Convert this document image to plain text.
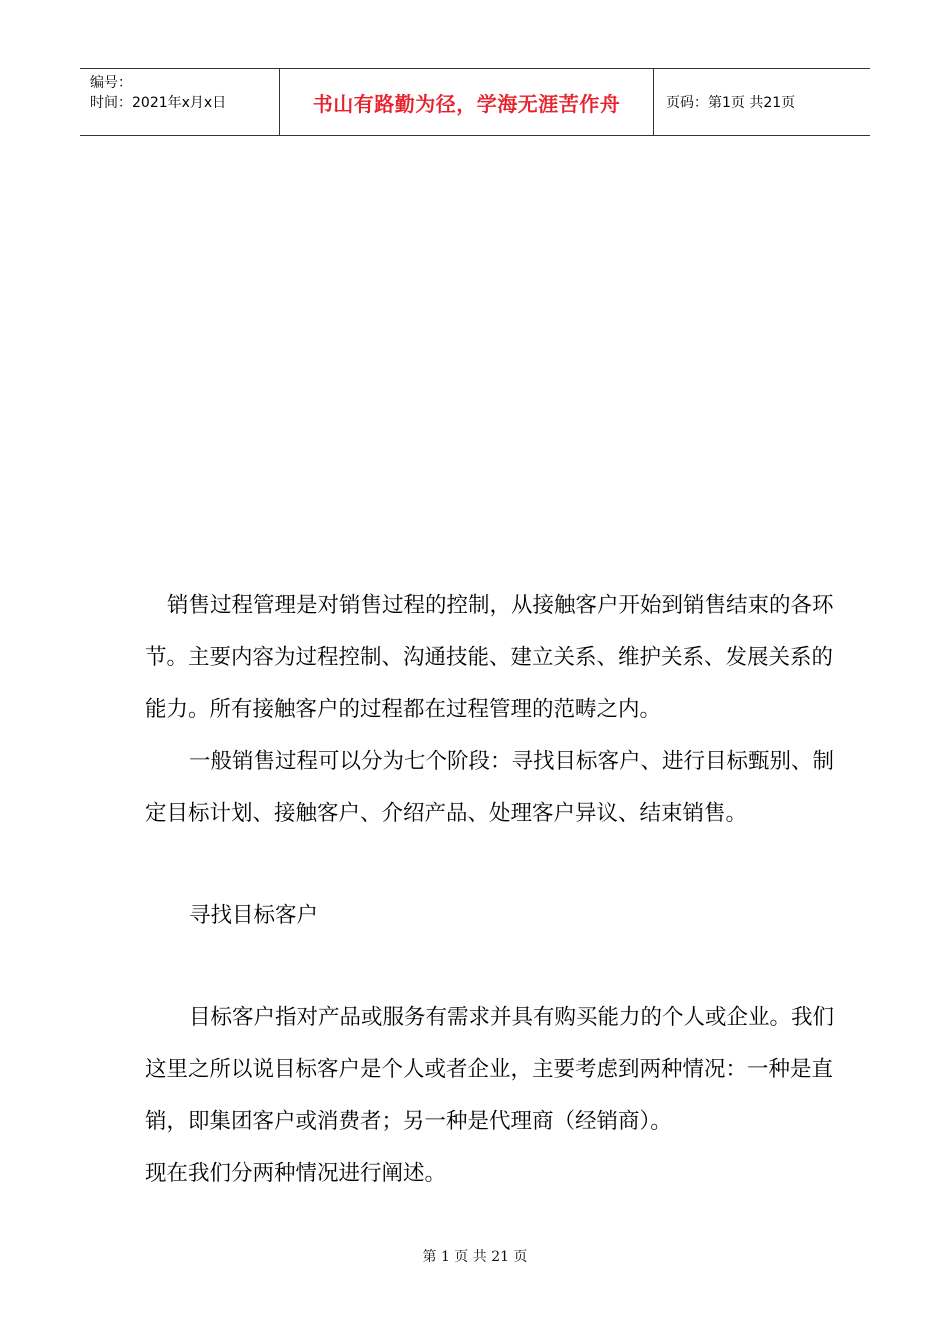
编号：
时间：2021年x月x日	书山有路勤为径，学海无涯苦作舟	页码：第1页 共21页

销售过程管理是对销售过程的控制，从接触客户开始到销售结束的各环节。主要内容为过程控制、沟通技能、建立关系、维护关系、发展关系的能力。所有接触客户的过程都在过程管理的范畴之内。

一般销售过程可以分为七个阶段：寻找目标客户、进行目标甄别、制定目标计划、接触客户、介绍产品、处理客户异议、结束销售。

寻找目标客户

目标客户指对产品或服务有需求并具有购买能力的个人或企业。我们这里之所以说目标客户是个人或者企业，主要考虑到两种情况：一种是直销，即集团客户或消费者；另一种是代理商（经销商）。

现在我们分两种情况进行阐述。

第 1 页 共 21 页
